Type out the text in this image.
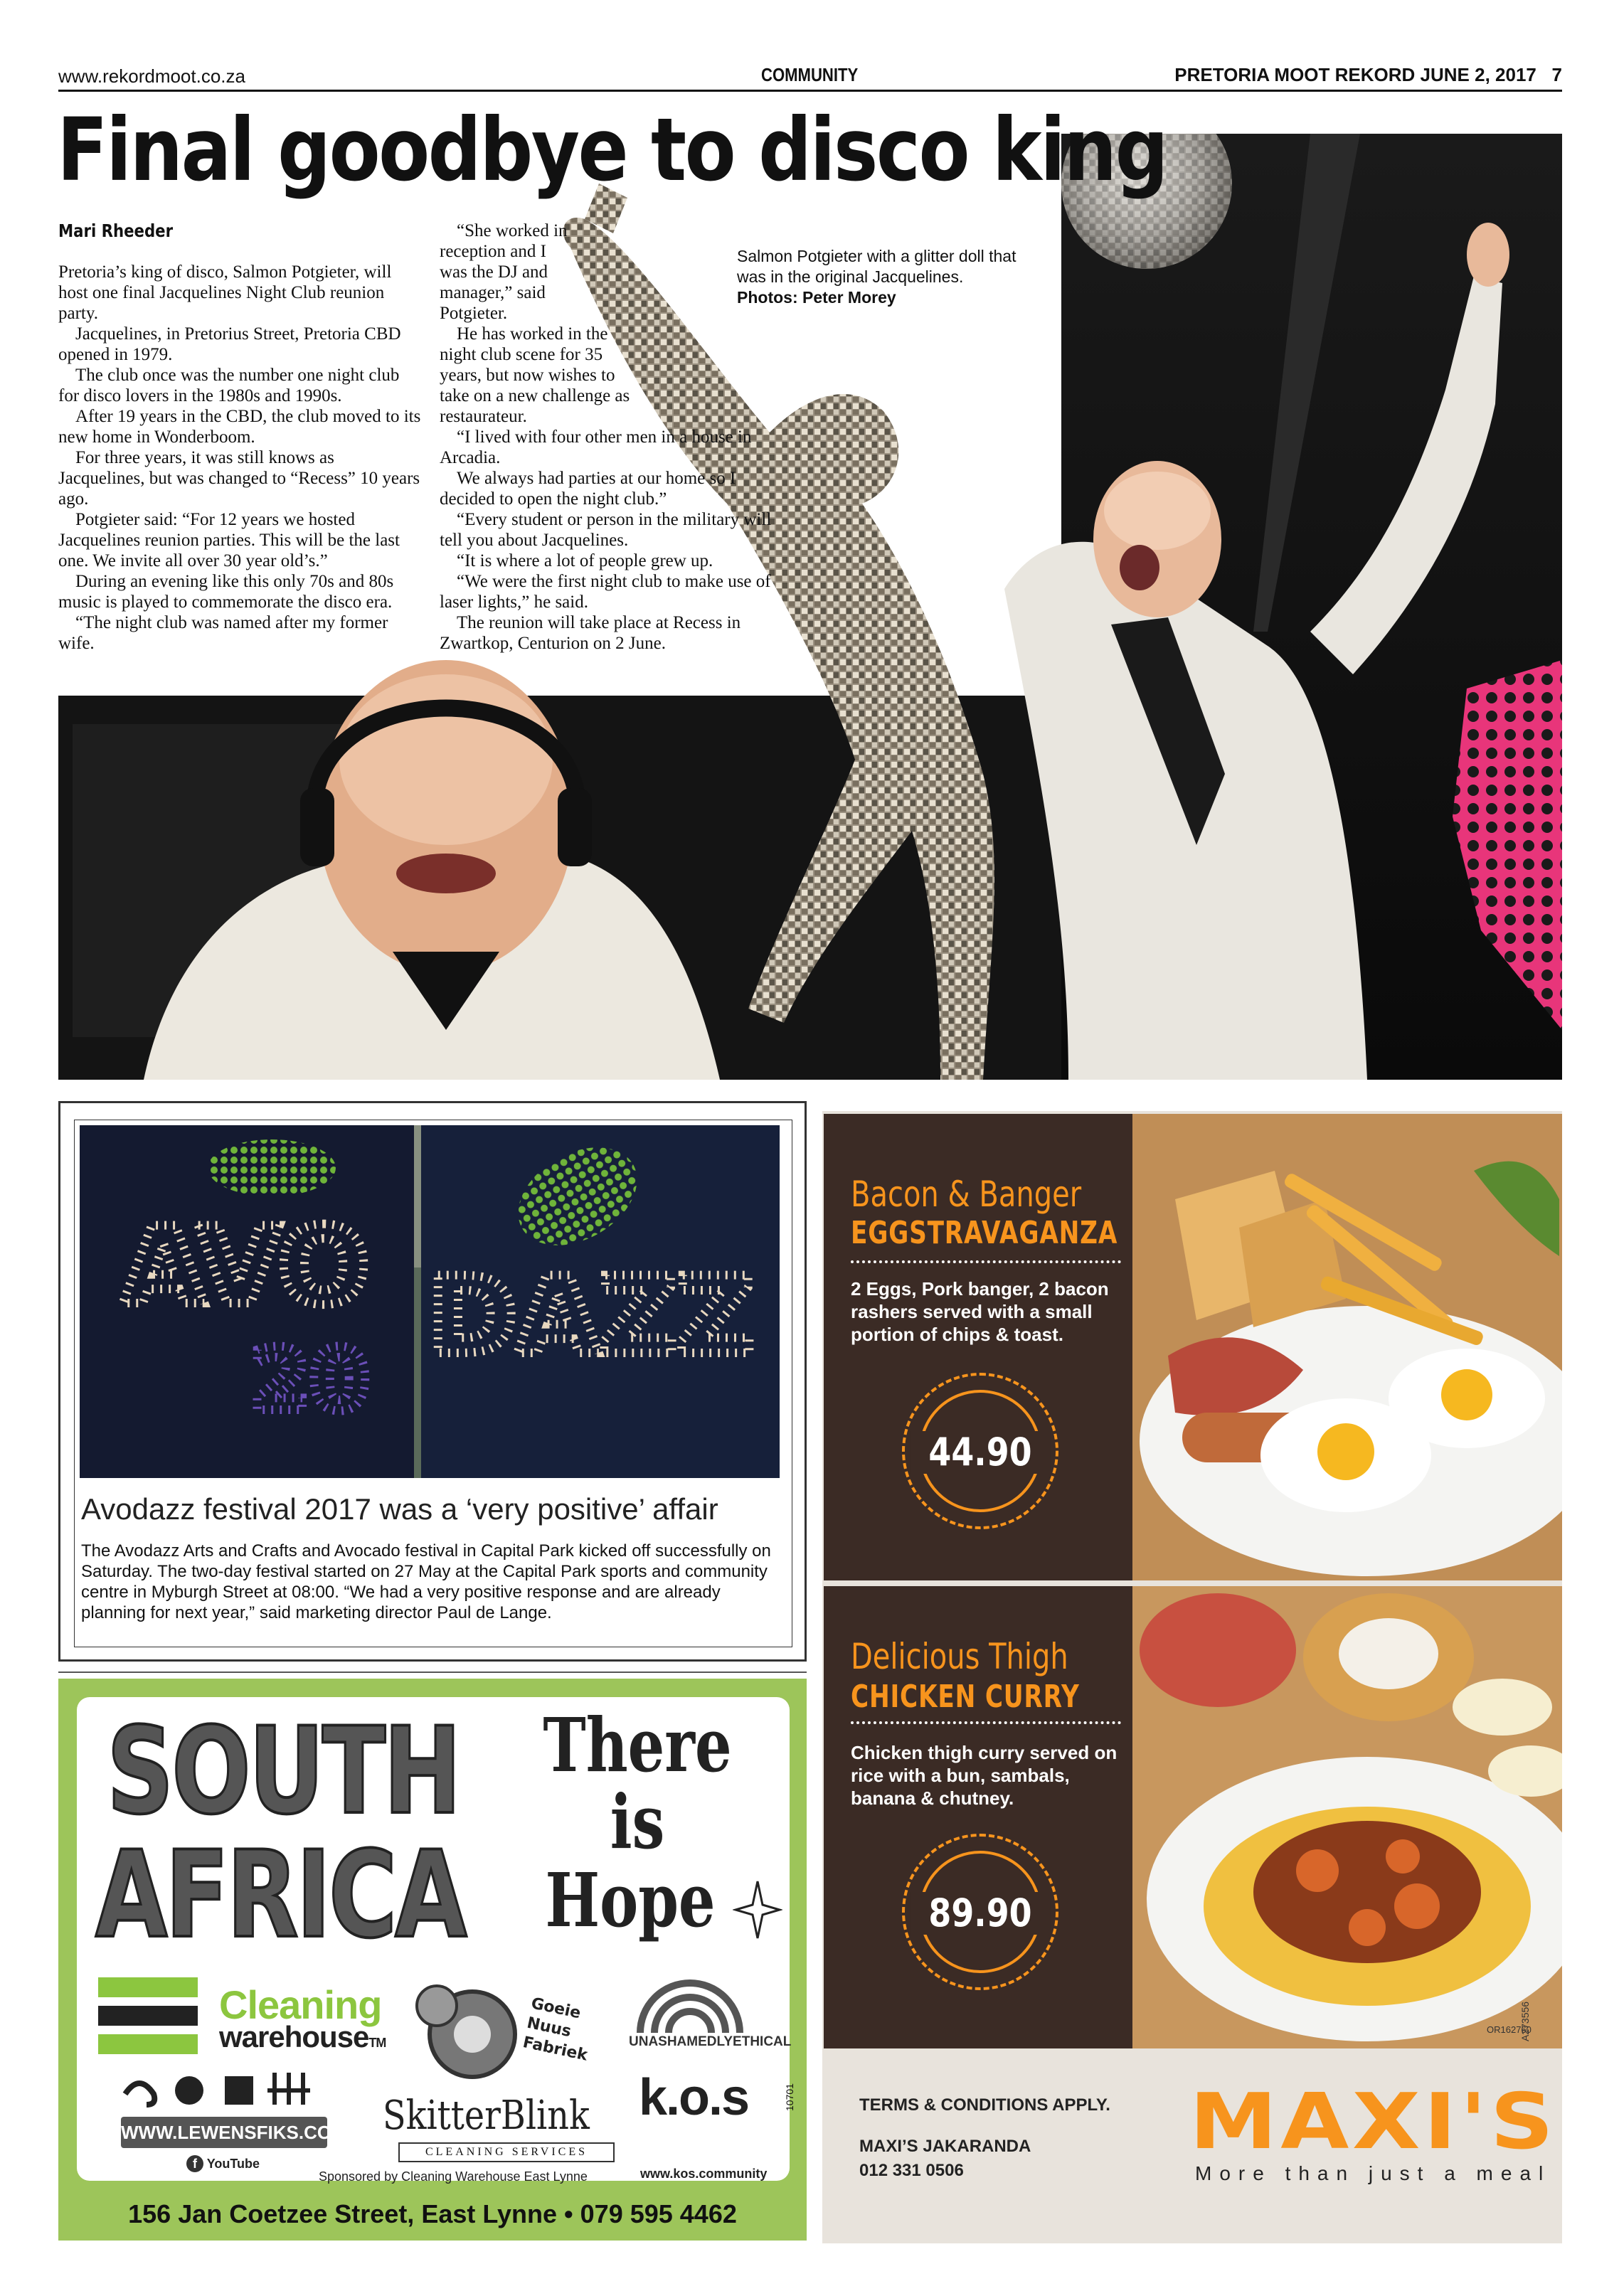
www.rekordmoot.co.za	COMMUNITY	PRETORIA MOOT REKORD JUNE 2, 2017   7
Final goodbye to disco king
Mari Rheeder

Pretoria’s king of disco, Salmon Potgieter, will host one final Jacquelines Night Club reunion party.

Jacquelines, in Pretorius Street, Pretoria CBD opened in 1979.

The club once was the number one night club for disco lovers in the 1980s and 1990s.

After 19 years in the CBD, the club moved to its new home in Wonderboom.

For three years, it was still knows as Jacquelines, but was changed to “Recess” 10 years ago.

Potgieter said: “For 12 years we hosted Jacquelines reunion parties. This will be the last one. We invite all over 30 year old’s.”

During an evening like this only 70s and 80s music is played to commemorate the disco era.

“The night club was named after my former wife.

“She worked in reception and I was the DJ and manager,” said Potgieter.

He has worked in the night club scene for 35 years, but now wishes to take on a new challenge as restaurateur.

“I lived with four other men in a house in Arcadia.

We always had parties at our home so I decided to open the night club.”

“Every student or person in the military will tell you about Jacquelines.

“It is where a lot of people grew up.

“We were the first night club to make use of laser lights,” he said.

The reunion will take place at Recess in Zwartkop, Centurion on 2 June.

Salmon Potgieter with a glitter doll that was in the original Jacquelines.
Photos: Peter Morey
AVO DAZZ
20
Avodazz festival 2017 was a ‘very positive’ affair
The Avodazz Arts and Crafts and Avocado festival in Capital Park kicked off successfully on Saturday. The two-day festival started on 27 May at the Capital Park sports and community centre in Myburgh Street at 08:00. “We had a very positive response and are already planning for next year,” said marketing director Paul de Lange.
SOUTH
AFRICA
There
is
Hope
Cleaning
warehouseTM
Goeie
Nuus
Fabriek	UNASHAMEDLYETHICAL
k.o.s
www.kos.community
WWW.LEWENSFIKS.CO.ZA
f YouTube
SkitterBlink
CLEANING SERVICES
Sponsored by Cleaning Warehouse East Lynne
10701
156 Jan Coetzee Street, East Lynne • 079 595 4462
Bacon & Banger
EGGSTRAVAGANZA
2 Eggs, Pork banger, 2 bacon rashers served with a small portion of chips & toast.
44.90
Delicious Thigh
CHICKEN CURRY
Chicken thigh curry served on rice with a bun, sambals, banana & chutney.
89.90
OR162760
A273556
TERMS & CONDITIONS APPLY.
MAXI’S JAKARANDA
012 331 0506
MAXI'S
More than just a meal
